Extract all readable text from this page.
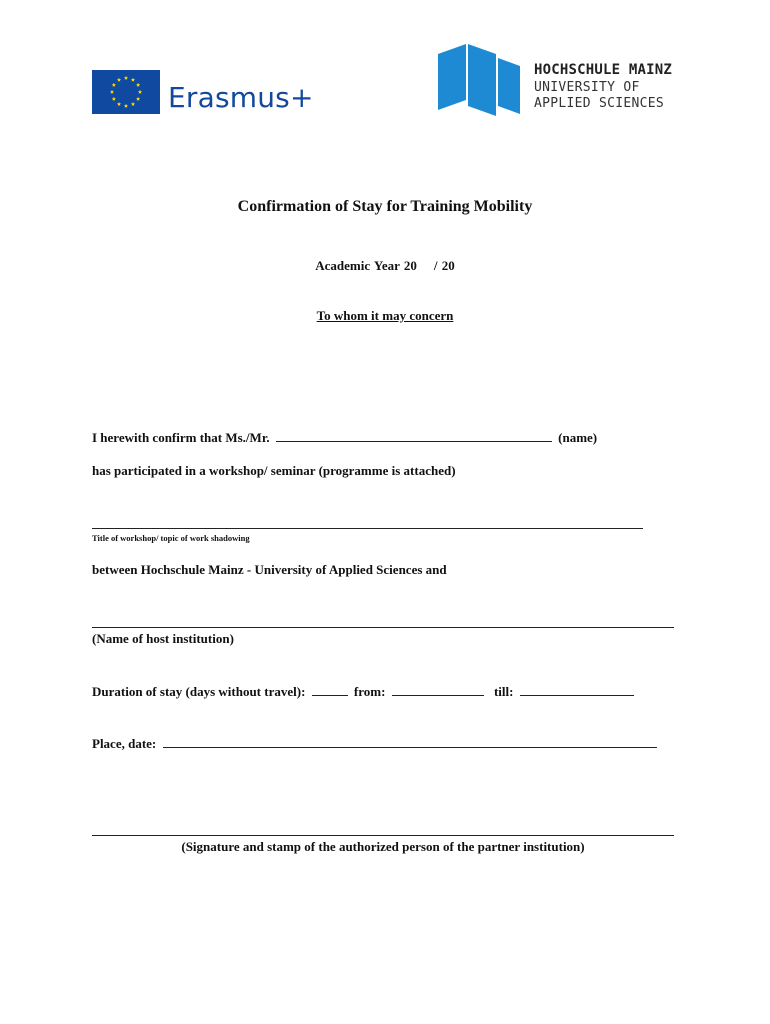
Erasmus+
HOCHSCHULE MAINZ
UNIVERSITY OF
APPLIED SCIENCES
Confirmation of Stay for Training Mobility
Academic Year 20    / 20
To whom it may concern
I herewith confirm that Ms./Mr.	(name)
has participated in a workshop/ seminar (programme is attached)
Title of workshop/ topic of work shadowing
between Hochschule Mainz - University of Applied Sciences and
(Name of host institution)
Duration of stay (days without travel):	from:	till:
Place, date:
(Signature and stamp of the authorized person of the partner institution)
